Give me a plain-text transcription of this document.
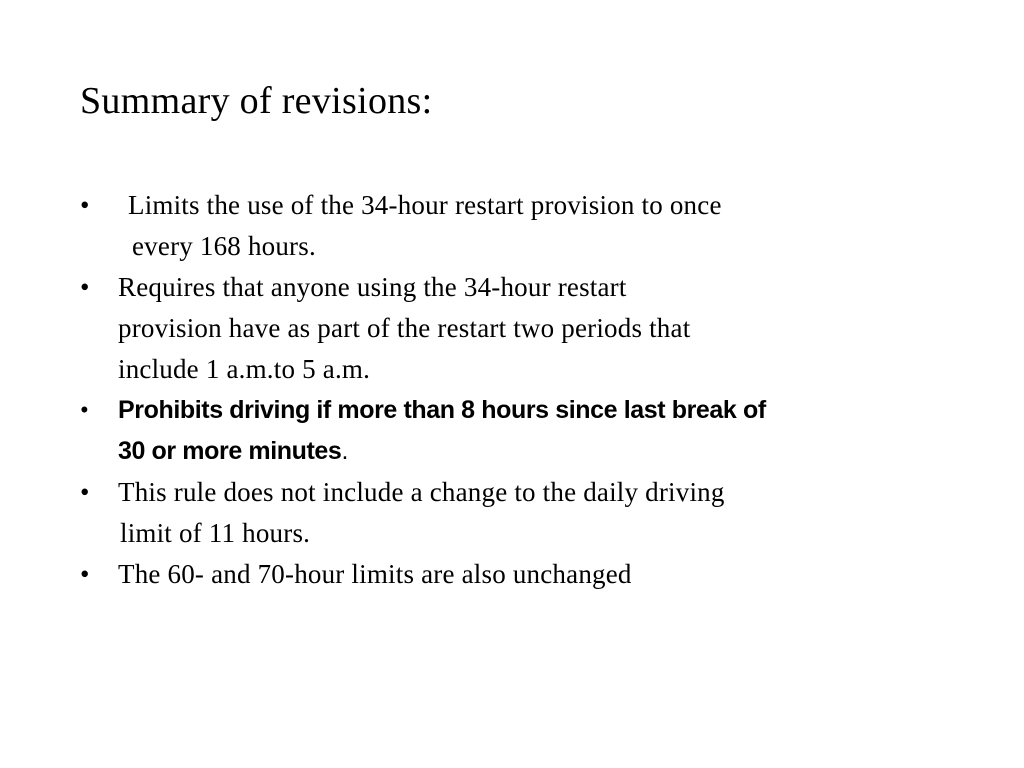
Summary of revisions:
•	Limits the use of the 34-hour restart provision to once
every 168 hours.
•	Requires that anyone using the 34-hour restart
provision have as part of the restart two periods that
include 1 a.m.to 5 a.m.
•	Prohibits driving if more than 8 hours since last break of
30 or more minutes.
•	This rule does not include a change to the daily driving
limit of 11 hours.
•	The 60- and 70-hour limits are also unchanged
